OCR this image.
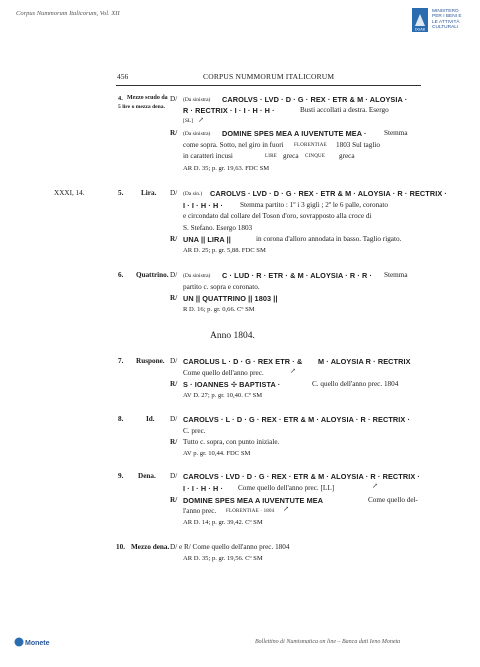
Corpus Nummorum Italicorum, Vol. XII
DGAB
MINISTERO
PER I BENI E
LE ATTIVITÀ
CULTURALI
456	CORPUS NUMMORUM ITALICORUM
4. Mezzo scudo da
5 lire o mezza dena.
D/ (Da sinistra) CAROLVS · LVD · D · G · REX · ETR & M · ALOYSIA ·
R · RECTRIX · I · I · H · H ·	Busti accollati a destra. Esergo
[SL] ↗
R/ (Da sinistra) DOMINE SPES MEA A IUVENTUTE MEA · Stemma
come sopra. Sotto, nel giro in fuori FLORENTIAE 1803 Sul taglio
in caratteri incusi	LIRE greca CINQUE greca
AR D. 35; p. gr. 19,63. FDC SM
XXXI, 14.	5. Lira. D/ (Da sin.) CAROLVS · LVD · D · G · REX · ETR & M · ALOYSIA · R · RECTRIX ·
I · I · H · H · Stemma partito : 1º i 3 gigli ; 2º le 6 palle, coronato
e circondato dal collare del Toson d'oro, sovrapposto alla croce di
S. Stefano. Esergo 1803
R/ UNA || LIRA ||	in corona d'alloro annodata in basso. Taglio rigato.
AR D. 25; p. gr. 5,88. FDC SM
6. Quattrino. D/ (Da sinistra) C · LUD · R · ETR · & M · ALOYSIA · R · R · Stemma
partito c. sopra e coronato.
R/ UN || QUATTRINO || 1803 ||
R D. 16; p. gr. 0,66. Cº SM
Anno 1804.
7. Ruspone. D/ CAROLUS L · D · G · REX ETR · & M · ALOYSIA R · RECTRIX
Come quello dell'anno prec.	↗
R/ S · IOANNES ✣ BAPTISTA ·	C. quello dell'anno prec. 1804
AV D. 27; p. gr. 10,40. Cº SM
8.	Id. D/ CAROLVS · L · D · G · REX · ETR & M · ALOYSIA · R · RECTRIX ·
C. prec.
R/ Tutto c. sopra, con punto iniziale.
AV p. gr. 10,44. FDC SM
9. Dena. D/ CAROLVS · LVD · D · G · REX · ETR & M · ALOYSIA · R · RECTRIX ·
I · I · H · H · Come quello dell'anno prec. [LL]	↗
R/ DOMINE SPES MEA A IUVENTUTE MEA	Come quello del-
l'anno prec. FLORENTIAE · 1804 ↗
AR D. 14; p. gr. 39,42. Cº SM
10. Mezzo dena. D/ e R/ Come quello dell'anno prec. 1804
AR D. 35; p. gr. 19,56. Cº SM
Monete	Bollettino di Numismatica on line – Banca dati Ieno Moneta
